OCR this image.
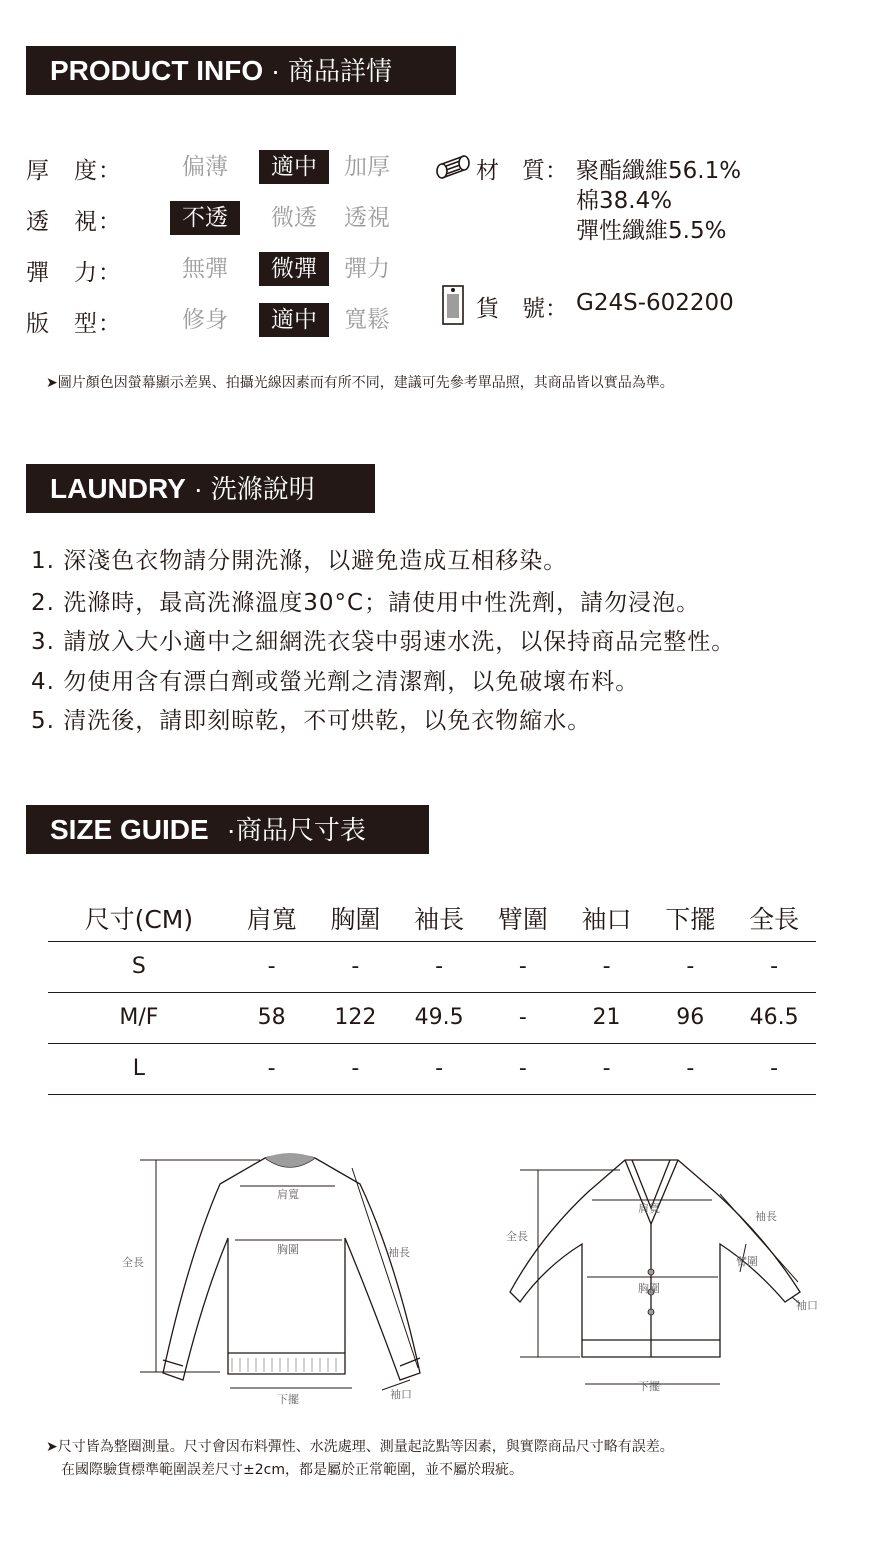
PRODUCT INFO · 商品詳情
厚　度：	偏薄	適中	加厚
透　視：	不透	微透	透視
彈　力：	無彈	微彈	彈力
版　型：	修身	適中	寬鬆
材　質： 聚酯纖維56.1%
棉38.4%
彈性纖維5.5%
貨　號： G24S-602200
➤圖片顏色因螢幕顯示差異、拍攝光線因素而有所不同，建議可先參考單品照，其商品皆以實品為準。
LAUNDRY · 洗滌說明
1. 深淺色衣物請分開洗滌，以避免造成互相移染。
2. 洗滌時，最高洗滌溫度30°C；請使用中性洗劑，請勿浸泡。
3. 請放入大小適中之細網洗衣袋中弱速水洗，以保持商品完整性。
4. 勿使用含有漂白劑或螢光劑之清潔劑，以免破壞布料。
5. 清洗後，請即刻晾乾，不可烘乾，以免衣物縮水。
SIZE GUIDE ·商品尺寸表
尺寸(CM)	肩寬	胸圍	袖長	臂圍	袖口	下擺	全長
S	-	-	-	-	-	-	-
M/F	58	122	49.5	-	21	96	46.5
L	-	-	-	-	-	-	-
肩寬
胸圍	袖長
全長
下擺	袖口
肩寬
胸圍
袖長
臂圍
全長
下擺
袖口
➤尺寸皆為整圈測量。尺寸會因布料彈性、水洗處理、測量起訖點等因素，與實際商品尺寸略有誤差。
在國際驗貨標準範圍誤差尺寸±2cm，都是屬於正常範圍，並不屬於瑕疵。
